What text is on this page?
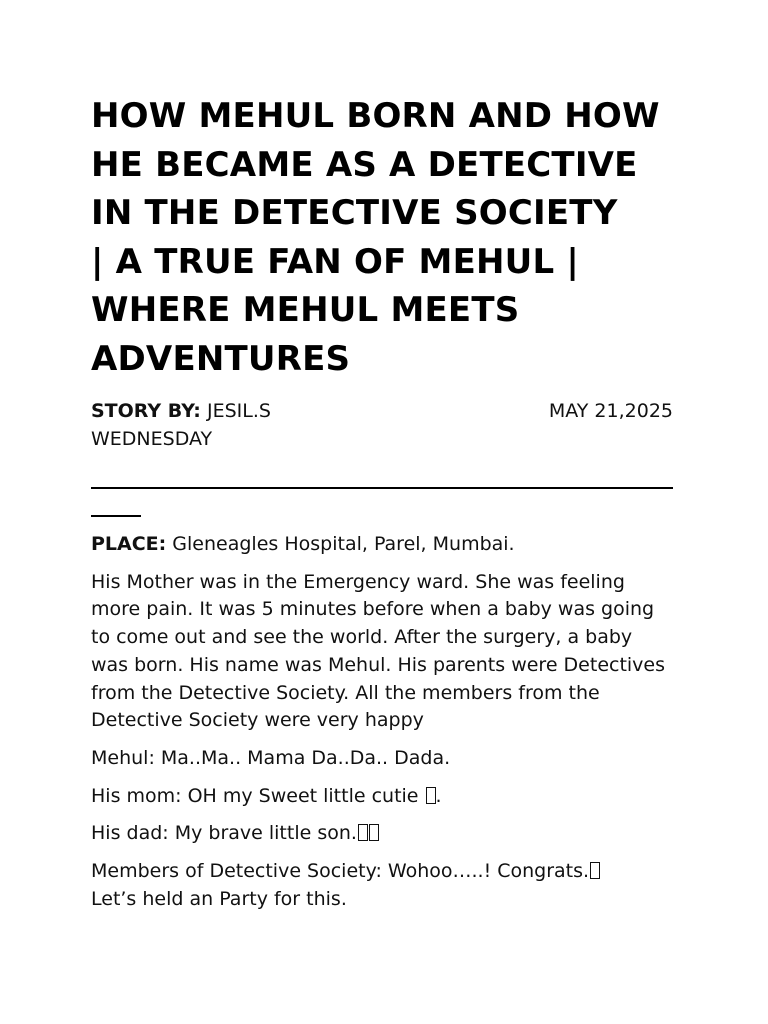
HOW MEHUL BORN AND HOW
HE BECAME AS A DETECTIVE
IN THE DETECTIVE SOCIETY
| A TRUE FAN OF MEHUL |
WHERE MEHUL MEETS
ADVENTURES
STORY BY: JESIL.S	MAY 21,2025
WEDNESDAY

PLACE: Gleneagles Hospital, Parel, Mumbai.

His Mother was in the Emergency ward. She was feeling more pain. It was 5 minutes before when a baby was going to come out and see the world. After the surgery, a baby was born. His name was Mehul. His parents were Detectives from the Detective Society. All the members from the Detective Society were very happy

Mehul: Ma..Ma.. Mama Da..Da.. Dada.

His mom: OH my Sweet little cutie .

His dad: My brave little son.

Members of Detective Society: Wohoo…..! Congrats.
Let’s held an Party for this.
